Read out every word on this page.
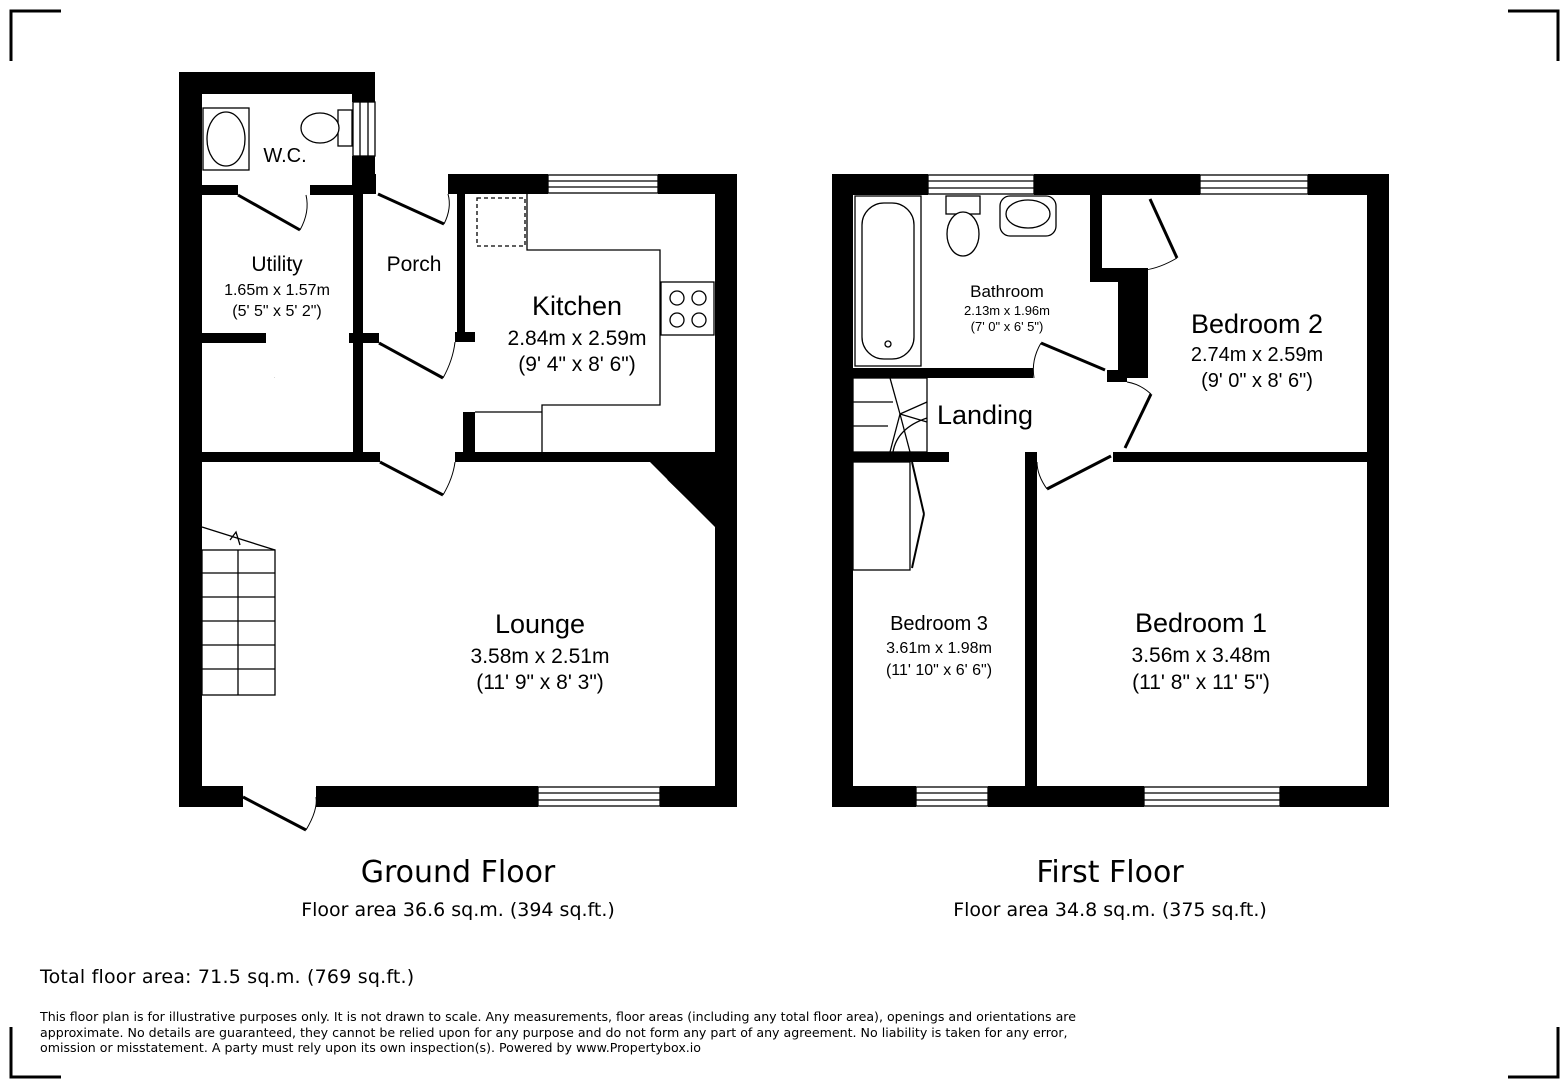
.
W.C.
Utility
1.65m x 1.57m
(5' 5" x 5' 2")
Porch
Kitchen
2.84m x 2.59m
(9' 4" x 8' 6")
Lounge
3.58m x 2.51m
(11' 9" x 8' 3")
Ground Floor
Floor area 36.6 sq.m. (394 sq.ft.)
Bathroom
2.13m x 1.96m
(7' 0" x 6' 5")
Landing
Bedroom 2
2.74m x 2.59m
(9' 0" x 8' 6")
Bedroom 3
3.61m x 1.98m
(11' 10" x 6' 6")
Bedroom 1
3.56m x 3.48m
(11' 8" x 11' 5")
First Floor
Floor area 34.8 sq.m. (375 sq.ft.)
Total floor area: 71.5 sq.m. (769 sq.ft.)
This floor plan is for illustrative purposes only. It is not drawn to scale. Any measurements, floor areas (including any total floor area), openings and orientations are approximate. No details are guaranteed, they cannot be relied upon for any purpose and do not form any part of any agreement. No liability is taken for any error, omission or misstatement. A party must rely upon its own inspection(s). Powered by www.Propertybox.io
